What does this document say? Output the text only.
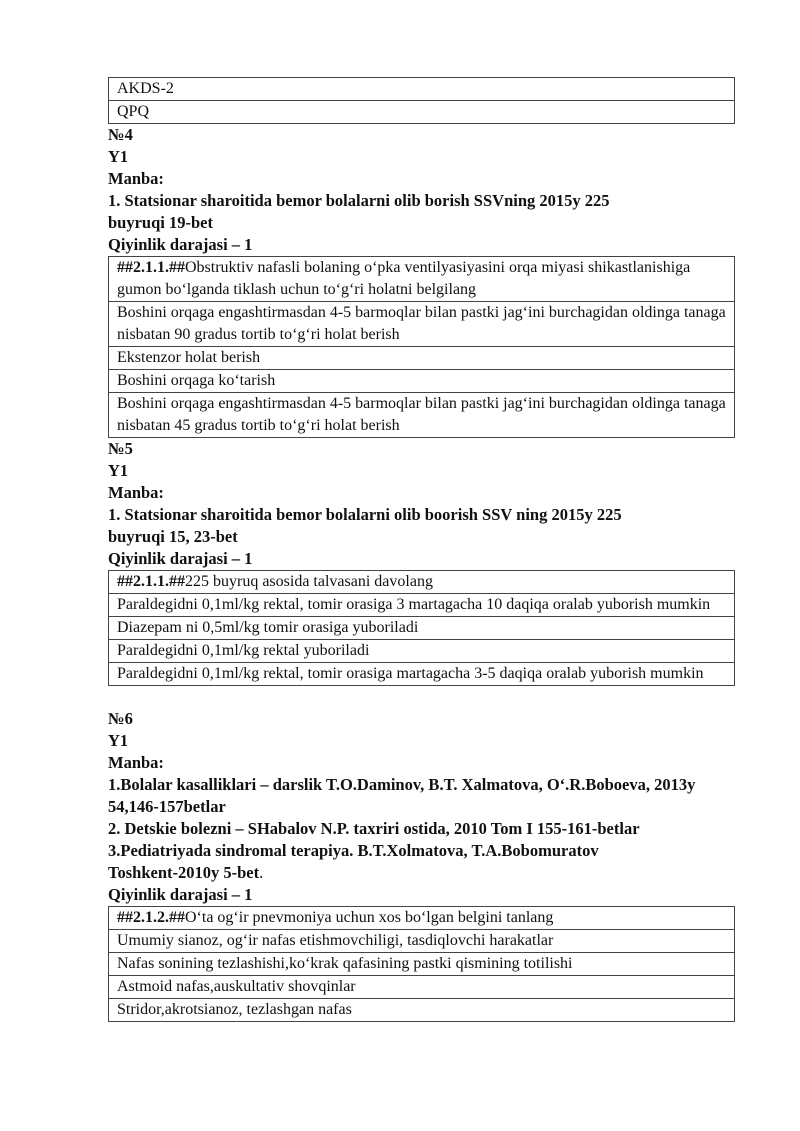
AKDS-2
QPQ
№4
Y1
Manba:
1. Statsionar sharoitida bemor bolalarni olib borish SSVning 2015y 225
buyruqi 19-bet
Qiyinlik darajasi – 1
##2.1.1.##Obstruktiv nafasli bolaning o‘pka ventilyasiyasini orqa miyasi shikastlanishiga gumon bo‘lganda tiklash uchun to‘g‘ri holatni belgilang
Boshini orqaga engashtirmasdan 4-5 barmoqlar bilan pastki jag‘ini burchagidan oldinga tanaga nisbatan 90 gradus tortib to‘g‘ri holat berish
Ekstenzor holat berish
Boshini orqaga ko‘tarish
Boshini orqaga engashtirmasdan 4-5 barmoqlar bilan pastki jag‘ini burchagidan oldinga tanaga nisbatan 45 gradus tortib to‘g‘ri holat berish
№5
Y1
Manba:
1. Statsionar sharoitida bemor bolalarni olib boorish SSV ning 2015y 225
buyruqi 15, 23-bet
Qiyinlik darajasi – 1
##2.1.1.##225 buyruq asosida talvasani davolang
Paraldegidni 0,1ml/kg rektal, tomir orasiga 3 martagacha 10 daqiqa oralab yuborish mumkin
Diazepam ni 0,5ml/kg tomir orasiga yuboriladi
Paraldegidni 0,1ml/kg rektal yuboriladi
Paraldegidni 0,1ml/kg rektal, tomir orasiga martagacha 3-5 daqiqa oralab yuborish mumkin
№6
Y1
Manba:
1.Bolalar kasalliklari – darslik T.O.Daminov, B.T. Xalmatova, O‘.R.Boboeva, 2013y 54,146-157betlar
2. Detskie bolezni – SHabalov N.P. taxriri ostida, 2010 Tom I 155-161-betlar
3.Pediatriyada sindromal terapiya. B.T.Xolmatova, T.A.Bobomuratov
Toshkent-2010y 5-bet.
Qiyinlik darajasi – 1
##2.1.2.##O‘ta og‘ir pnevmoniya uchun xos bo‘lgan belgini tanlang
Umumiy sianoz, og‘ir nafas etishmovchiligi, tasdiqlovchi harakatlar
Nafas sonining tezlashishi,ko‘krak qafasining pastki qismining totilishi
Astmoid nafas,auskultativ shovqinlar
Stridor,akrotsianoz, tezlashgan nafas
